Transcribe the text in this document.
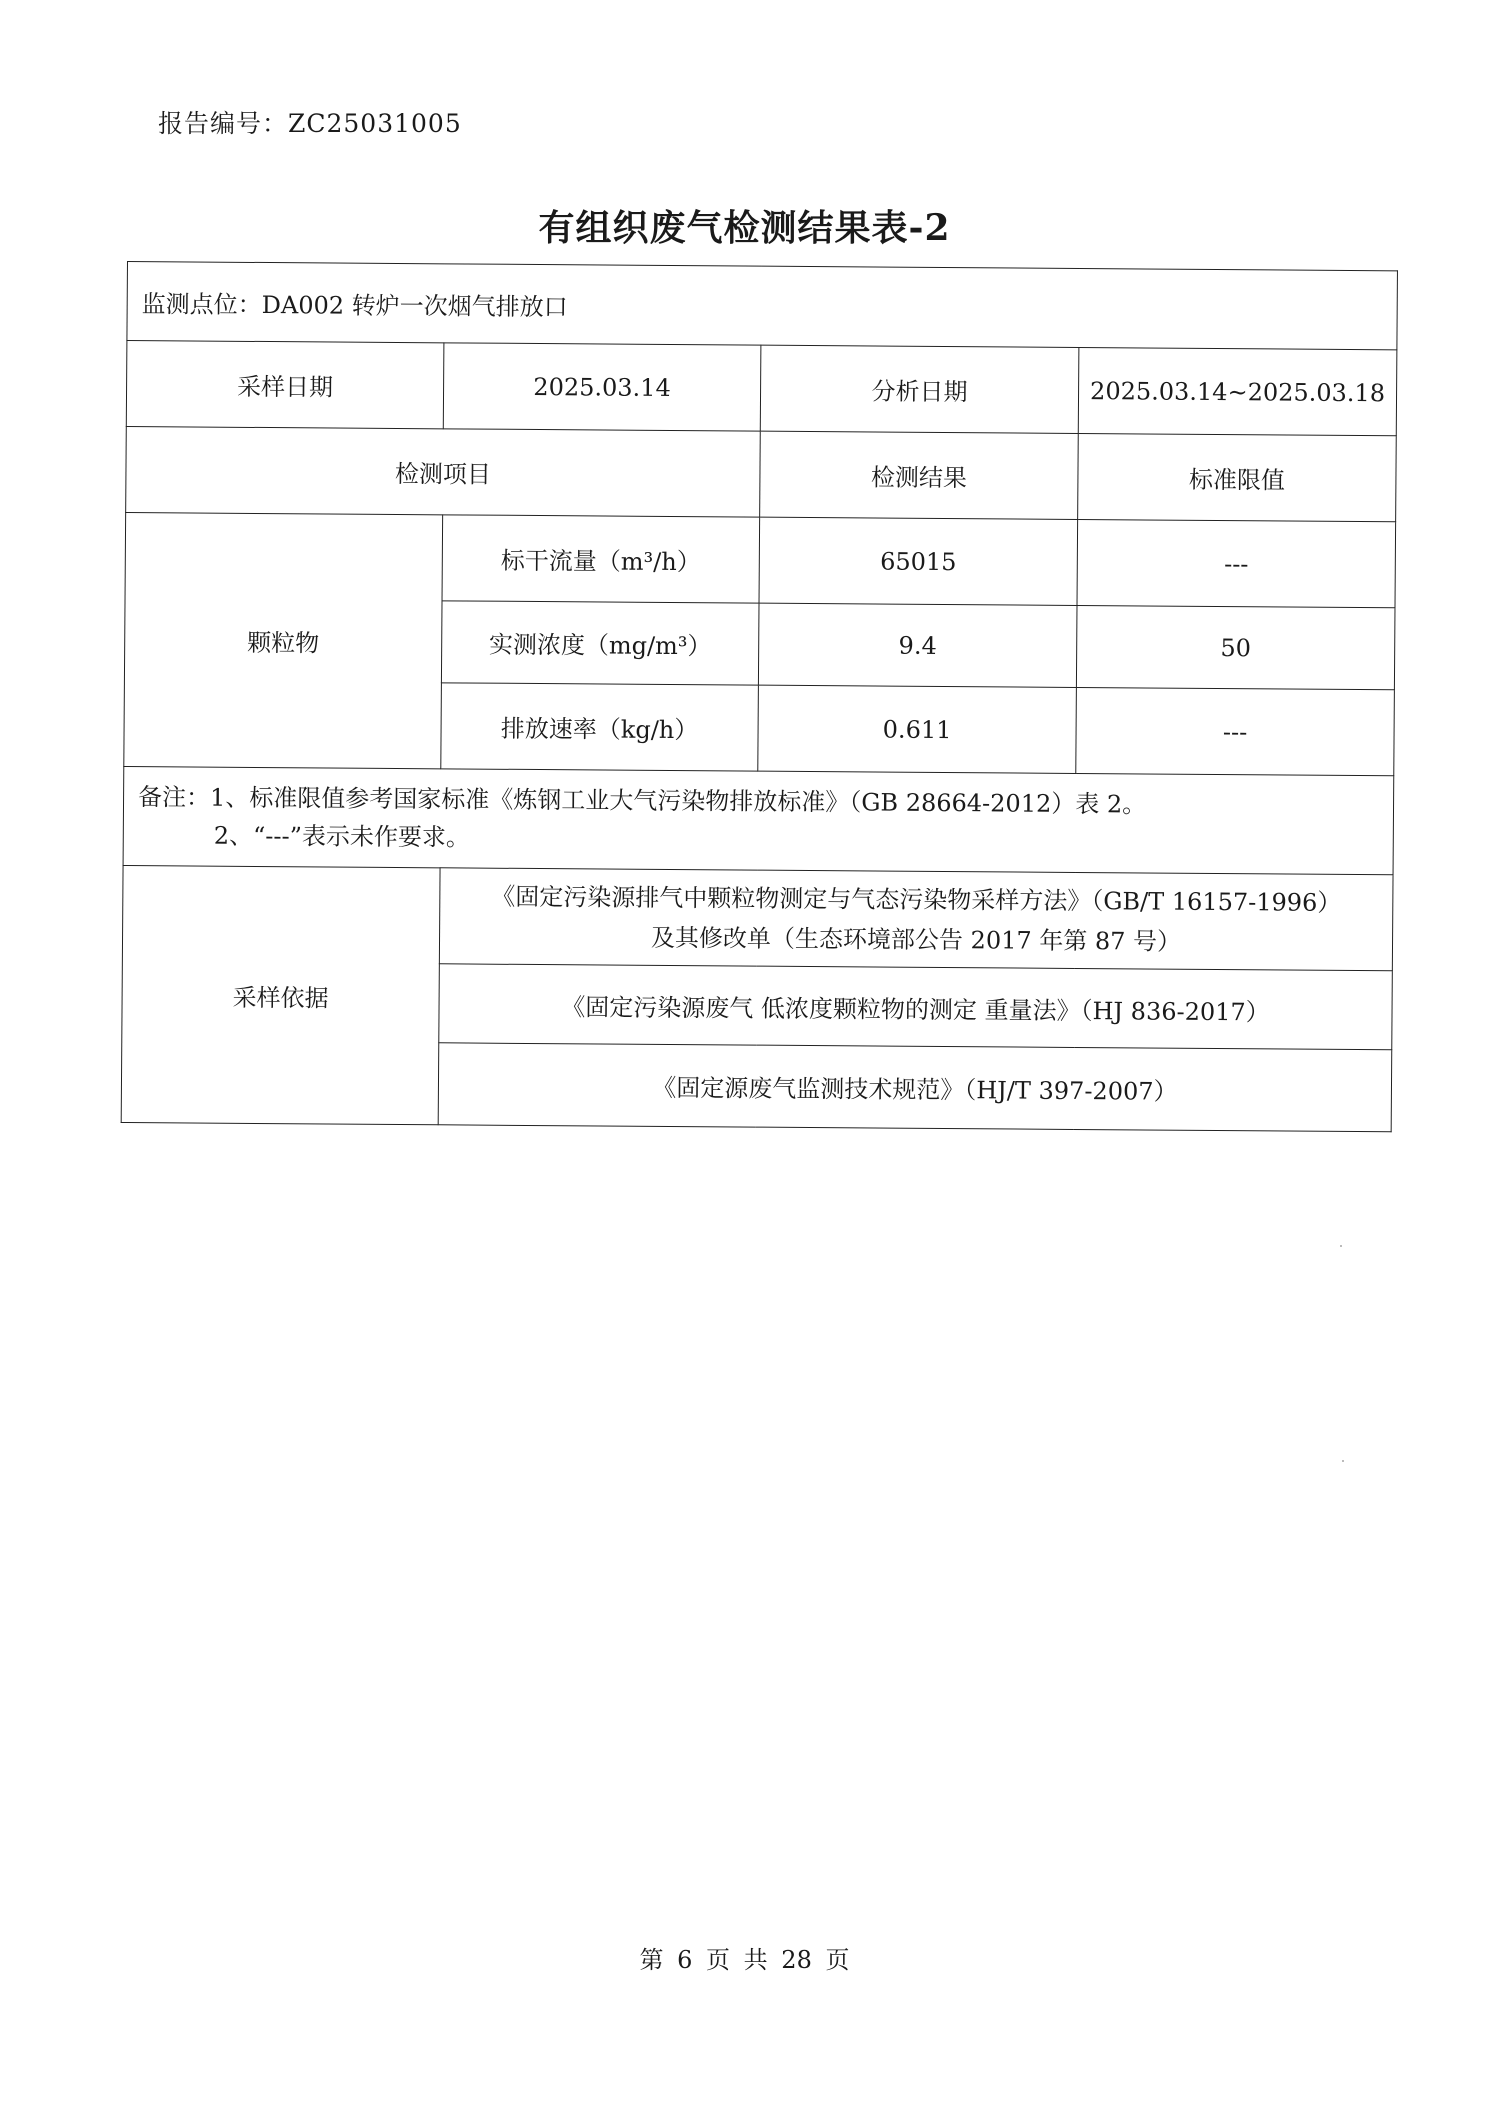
报告编号：ZC25031005
有组织废气检测结果表-2
监测点位：DA002 转炉一次烟气排放口			
采样日期	2025.03.14	分析日期	2025.03.14~2025.03.18
检测项目		检测结果	标准限值
颗粒物	标干流量（m³/h）	65015	---
	实测浓度（mg/m³）	9.4	50
	排放速率（kg/h）	0.611	---

备注：1、标准限值参考国家标准《炼钢工业大气污染物排放标准》（GB 28664-2012）表 2。
2、“---”表示未作要求。			

采样依据	《固定污染源排气中颗粒物测定与气态污染物采样方法》（GB/T 16157-1996）
及其修改单（生态环境部公告 2017 年第 87 号）		

	《固定污染源废气 低浓度颗粒物的测定 重量法》（HJ 836-2017）		
	《固定源废气监测技术规范》（HJ/T 397-2007）		
第 6 页 共 28 页
